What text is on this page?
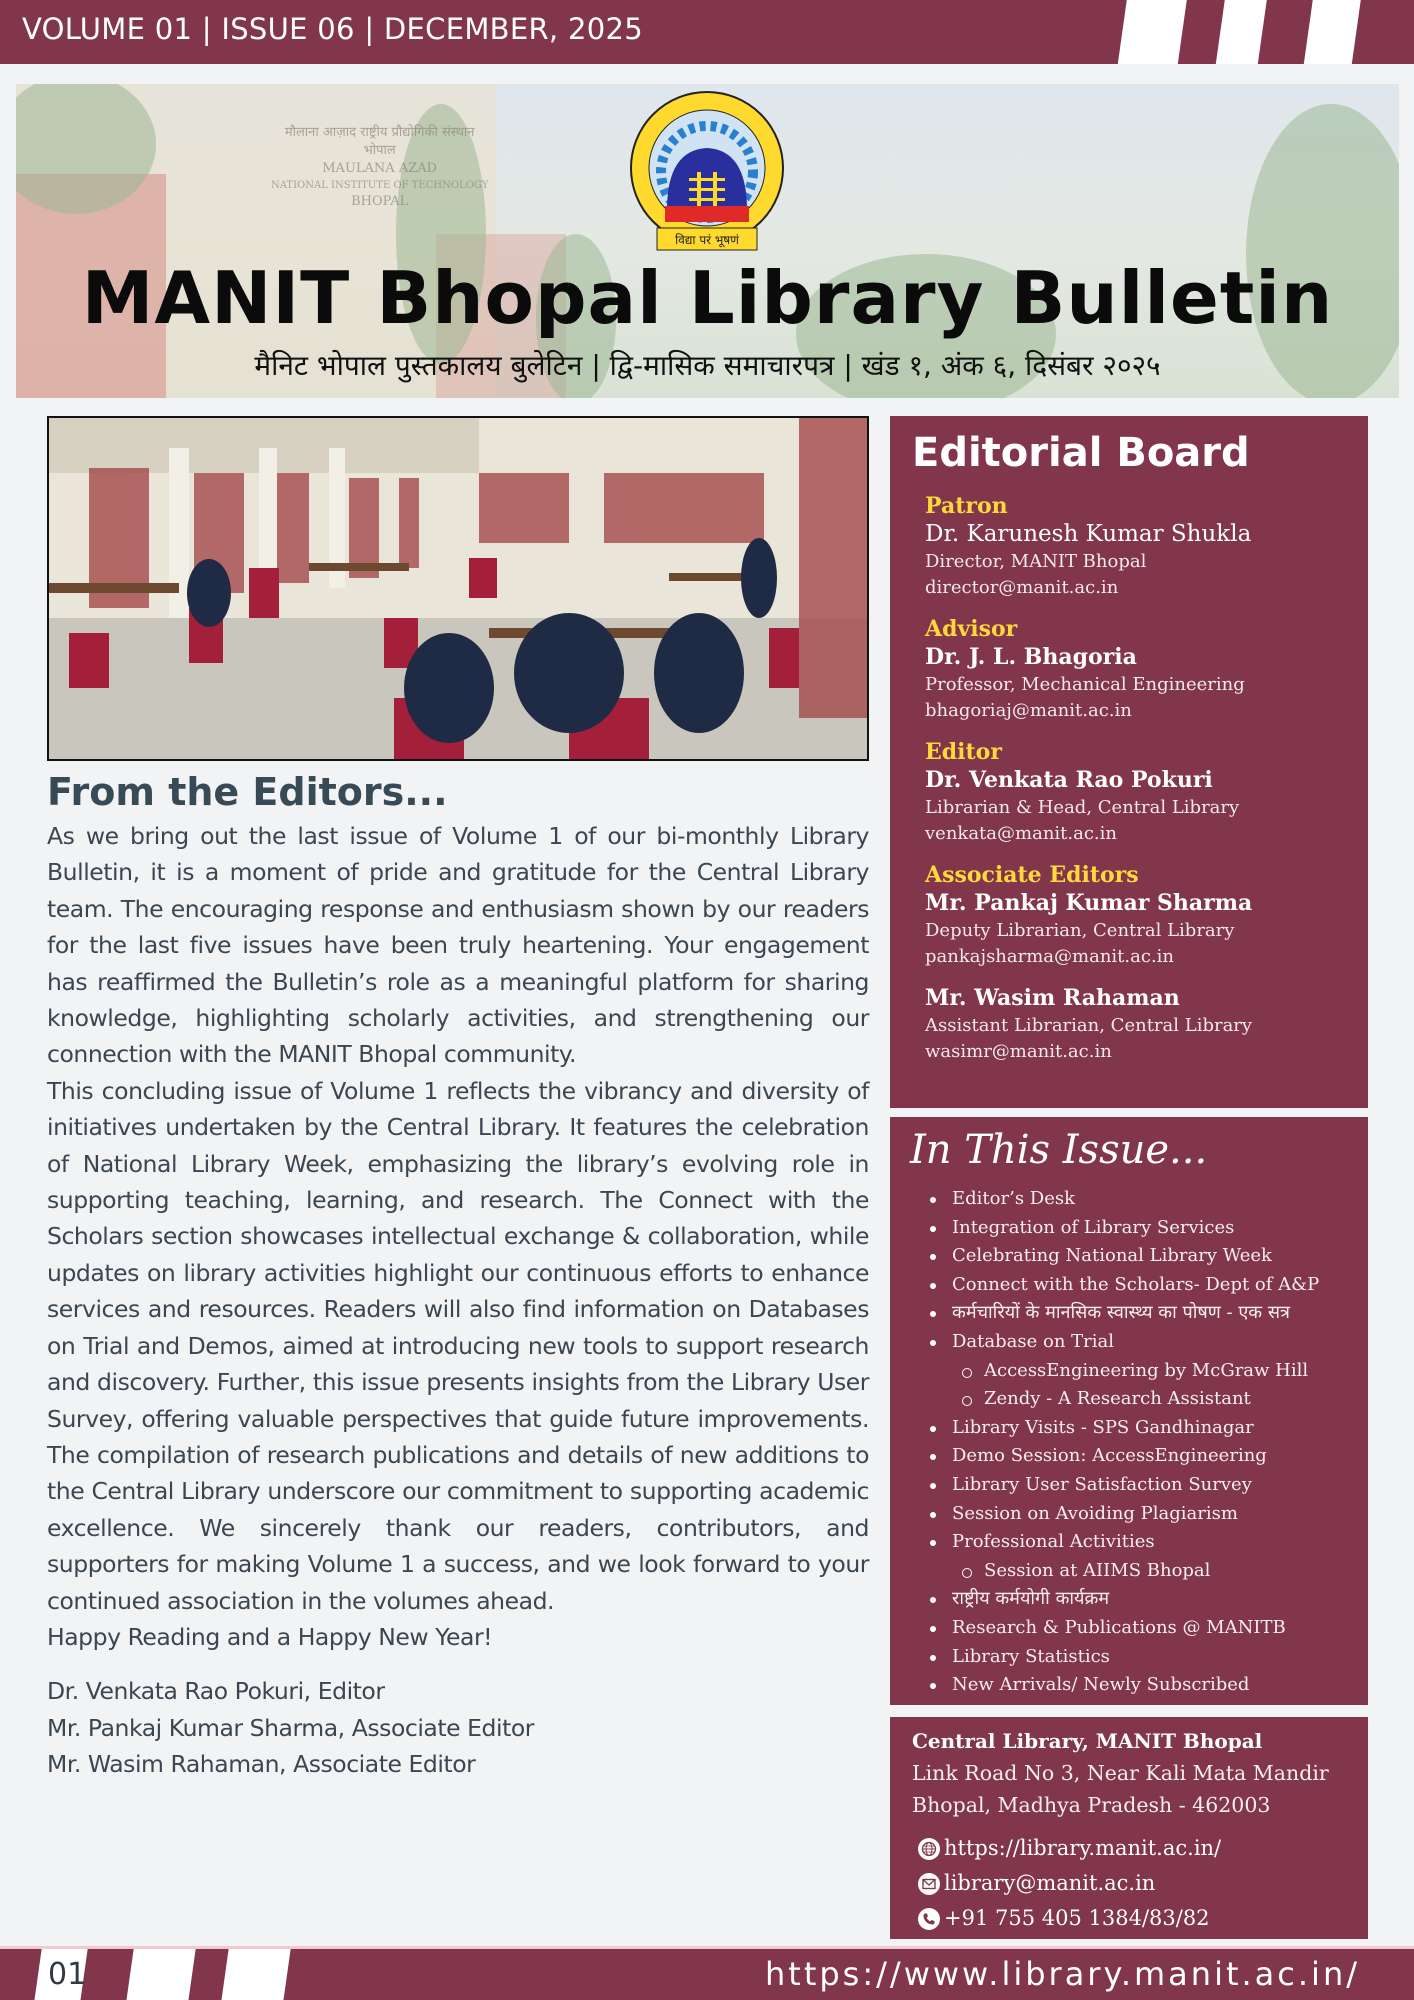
VOLUME 01 | ISSUE 06 | DECEMBER, 2025
मौलाना आज़ाद राष्ट्रीय प्रौद्योगिकी संस्थान
भोपाल
MAULANA AZAD
NATIONAL INSTITUTE OF TECHNOLOGY
BHOPAL
विद्या परं भूषणं
MANIT Bhopal Library Bulletin
मैनिट भोपाल पुस्तकालय बुलेटिन | द्वि-मासिक समाचारपत्र | खंड १, अंक ६, दिसंबर २०२५
From the Editors...

As we bring out the last issue of Volume 1 of our bi-monthly Library Bulletin, it is a moment of pride and gratitude for the Central Library team. The encouraging response and enthusiasm shown by our readers for the last five issues have been truly heartening. Your engagement has reaffirmed the Bulletin’s role as a meaningful platform for sharing knowledge, highlighting scholarly activities, and strengthening our connection with the MANIT Bhopal community.

This concluding issue of Volume 1 reflects the vibrancy and diversity of initiatives undertaken by the Central Library. It features the celebration of National Library Week, emphasizing the library’s evolving role in supporting teaching, learning, and research. The Connect with the Scholars section showcases intellectual exchange & collaboration, while updates on library activities highlight our continuous efforts to enhance services and resources. Readers will also find information on Databases on Trial and Demos, aimed at introducing new tools to support research and discovery. Further, this issue presents insights from the Library User Survey, offering valuable perspectives that guide future improvements. The compilation of research publications and details of new additions to the Central Library underscore our commitment to supporting academic excellence. We sincerely thank our readers, contributors, and supporters for making Volume 1 a success, and we look forward to your continued association in the volumes ahead.

Happy Reading and a Happy New Year!

Dr. Venkata Rao Pokuri, Editor
Mr. Pankaj Kumar Sharma, Associate Editor
Mr. Wasim Rahaman, Associate Editor
Editorial Board
Patron
Dr. Karunesh Kumar Shukla
Director, MANIT Bhopal
director@manit.ac.in
Advisor
Dr. J. L. Bhagoria
Professor, Mechanical Engineering
bhagoriaj@manit.ac.in
Editor
Dr. Venkata Rao Pokuri
Librarian & Head, Central Library
venkata@manit.ac.in
Associate Editors
Mr. Pankaj Kumar Sharma
Deputy Librarian, Central Library
pankajsharma@manit.ac.in
Mr. Wasim Rahaman
Assistant Librarian, Central Library
wasimr@manit.ac.in
In This Issue...
Editor’s Desk
Integration of Library Services
Celebrating National Library Week
Connect with the Scholars- Dept of A&P
कर्मचारियों के मानसिक स्वास्थ्य का पोषण - एक सत्र
Database on Trial
AccessEngineering by McGraw Hill
Zendy - A Research Assistant
Library Visits - SPS Gandhinagar
Demo Session: AccessEngineering
Library User Satisfaction Survey
Session on Avoiding Plagiarism
Professional Activities
Session at AIIMS Bhopal
राष्ट्रीय कर्मयोगी कार्यक्रम
Research & Publications @ MANITB
Library Statistics
New Arrivals/ Newly Subscribed
Central Library, MANIT Bhopal
Link Road No 3, Near Kali Mata Mandir
Bhopal, Madhya Pradesh - 462003
https://library.manit.ac.in/
library@manit.ac.in
+91 755 405 1384/83/82
01	https://www.library.manit.ac.in/
